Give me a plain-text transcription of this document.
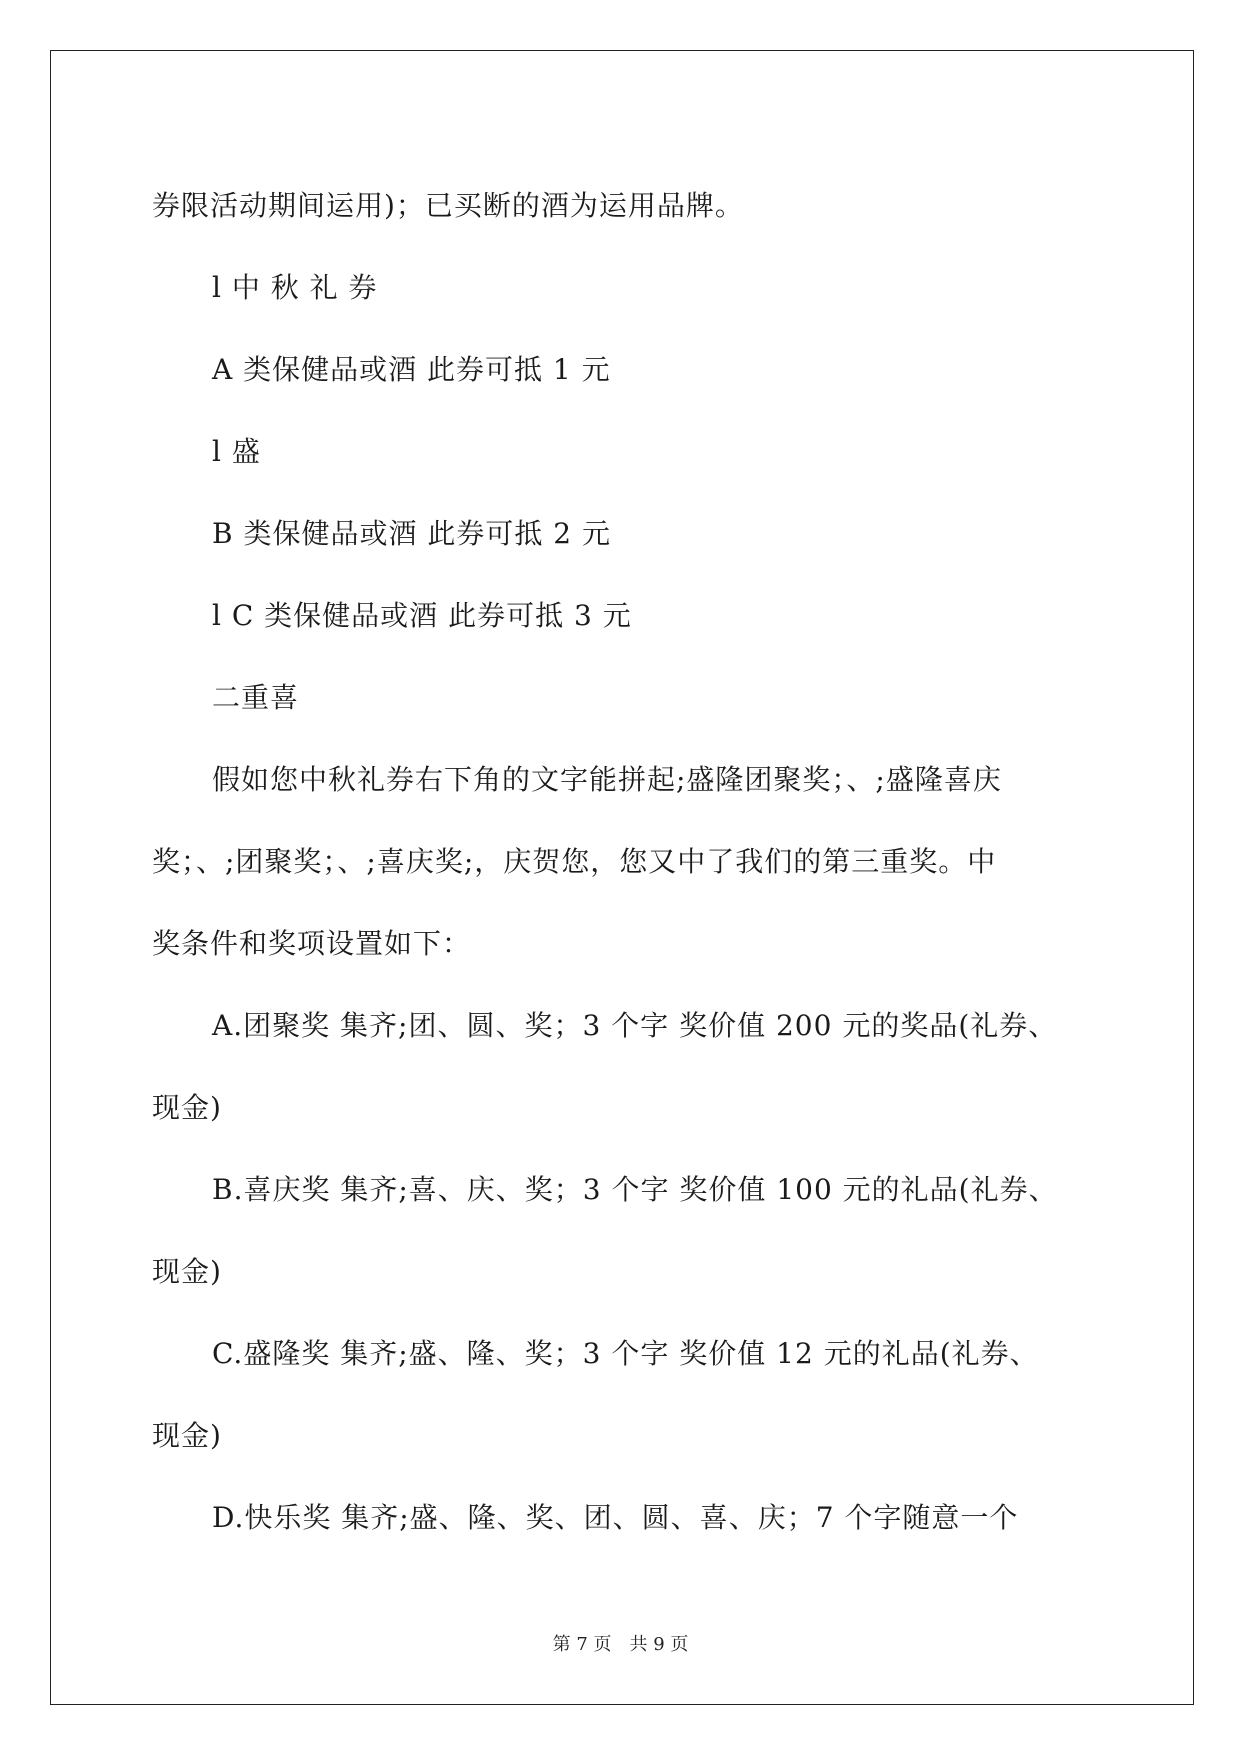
券限活动期间运用)；已买断的酒为运用品牌。
l 中 秋 礼 券
A 类保健品或酒 此券可抵 1 元
l 盛
B 类保健品或酒 此券可抵 2 元
l C 类保健品或酒 此券可抵 3 元
二重喜
假如您中秋礼券右下角的文字能拼起;盛隆团聚奖；、;盛隆喜庆
奖；、;团聚奖；、;喜庆奖;，庆贺您，您又中了我们的第三重奖。中
奖条件和奖项设置如下：
A.团聚奖 集齐;团、圆、奖；3 个字 奖价值 200 元的奖品(礼券、
现金)
B.喜庆奖 集齐;喜、庆、奖；3 个字 奖价值 100 元的礼品(礼券、
现金)
C.盛隆奖 集齐;盛、隆、奖；3 个字 奖价值 12 元的礼品(礼券、
现金)
D.快乐奖 集齐;盛、隆、奖、团、圆、喜、庆；7 个字随意一个
第 7 页　共 9 页
